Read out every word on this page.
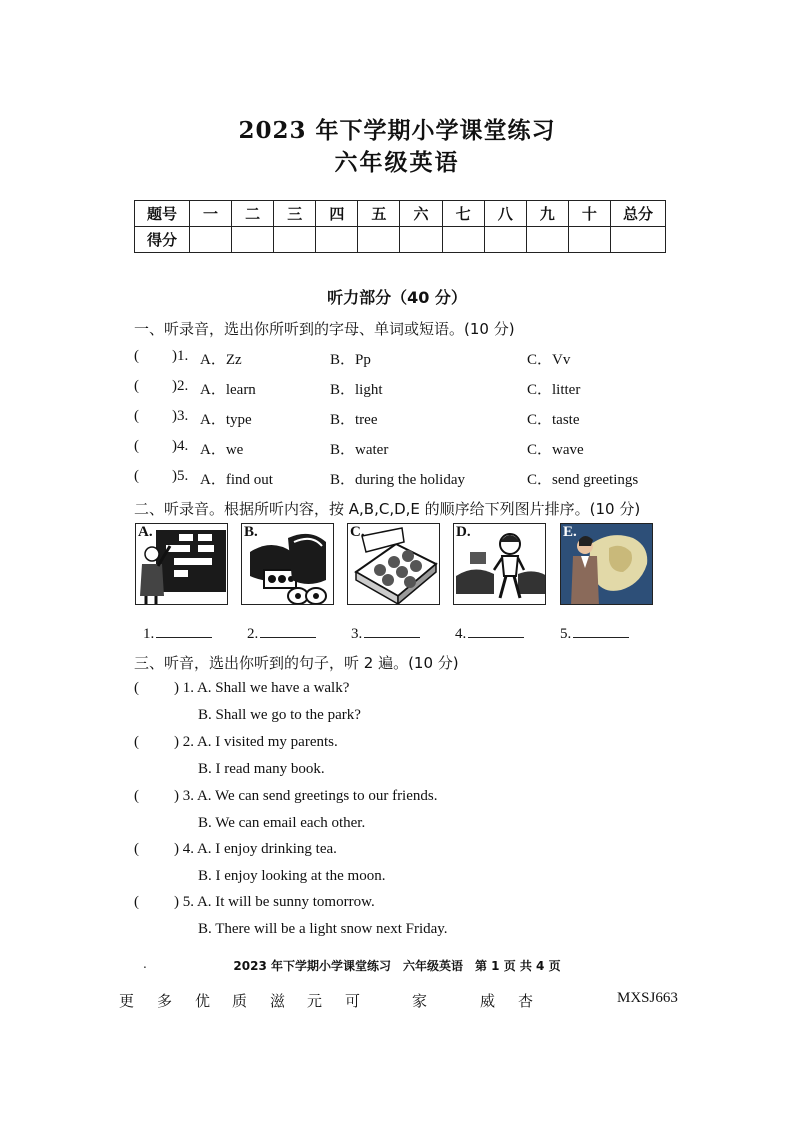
2023 年下学期小学课堂练习
六年级英语
题号	一	二	三	四	五	六	七	八	九	十	总分
得分											
听力部分（40 分）
一、听录音，选出你所听到的字母、单词或短语。(10 分)
( )1. A．Zz	B．Pp	C．Vv
( )2. A．learn	B．light	C．litter
( )3. A．type	B．tree	C．taste
( )4. A．we	B．water	C．wave
( )5. A．find out	B．during the holiday	C．send greetings
二、听录音。根据所听内容，按 A,B,C,D,E 的顺序给下列图片排序。(10 分)
A.	B.	C.	D.	E.
1.	2.	3.	4.	5.
三、听音，选出你听到的句子，听 2 遍。(10 分)
( ) 1. A. Shall we have a walk?
B. Shall we go to the park?
( ) 2. A. I visited my parents.
B. I read many book.
( ) 3. A. We can send greetings to our friends.
B. We can email each other.
( ) 4. A. I enjoy drinking tea.
B. I enjoy looking at the moon.
( ) 5. A. It will be sunny tomorrow.
B. There will be a light snow next Friday.
.	2023 年下学期小学课堂练习　六年级英语　第 1 页 共 4 页
更 多 优 质 滋 元 可	家	威 杏	MXSJ663
